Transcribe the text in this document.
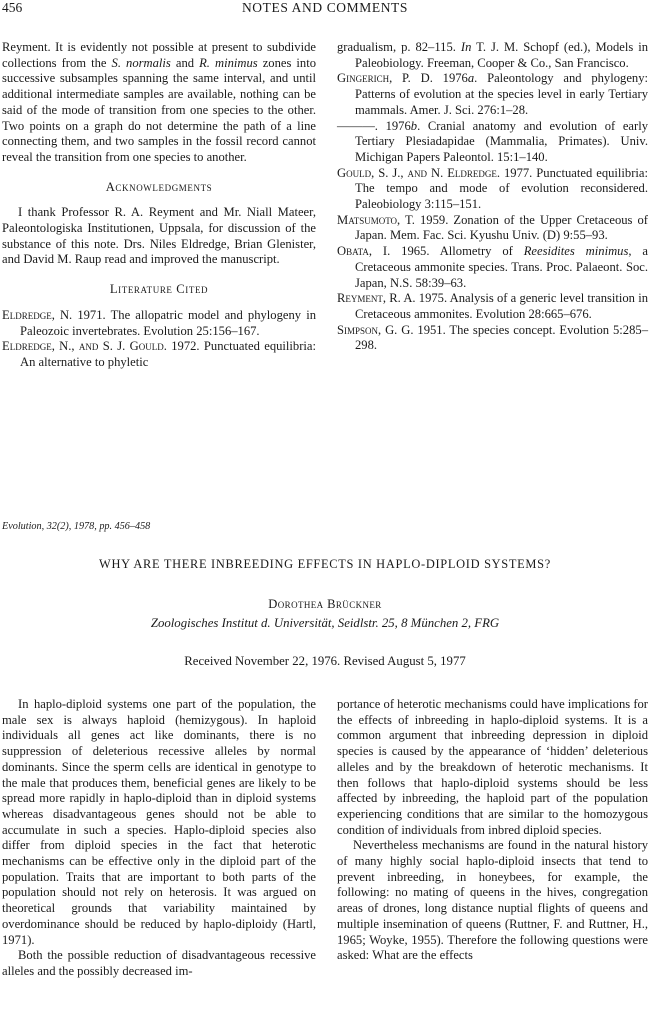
456	NOTES AND COMMENTS

Reyment. It is evidently not possible at present to subdivide collections from the S. normalis and R. minimus zones into successive subsamples spanning the same interval, and until additional intermediate samples are available, nothing can be said of the mode of transition from one species to the other. Two points on a graph do not determine the path of a line connecting them, and two samples in the fossil record cannot reveal the transition from one species to another.

Acknowledgments

I thank Professor R. A. Reyment and Mr. Niall Mateer, Paleontologiska Institutionen, Uppsala, for discussion of the substance of this note. Drs. Niles Eldredge, Brian Glenister, and David M. Raup read and improved the manuscript.

Literature Cited

Eldredge, N. 1971. The allopatric model and phylogeny in Paleozoic invertebrates. Evolution 25:156–167.

Eldredge, N., and S. J. Gould. 1972. Punctuated equilibria: An alternative to phyletic

gradualism, p. 82–115. In T. J. M. Schopf (ed.), Models in Paleobiology. Freeman, Cooper & Co., San Francisco.

Gingerich, P. D. 1976a. Paleontology and phylogeny: Patterns of evolution at the species level in early Tertiary mammals. Amer. J. Sci. 276:1–28.

———. 1976b. Cranial anatomy and evolution of early Tertiary Plesiadapidae (Mammalia, Primates). Univ. Michigan Papers Paleontol. 15:1–140.

Gould, S. J., and N. Eldredge. 1977. Punctuated equilibria: The tempo and mode of evolution reconsidered. Paleobiology 3:115–151.

Matsumoto, T. 1959. Zonation of the Upper Cretaceous of Japan. Mem. Fac. Sci. Kyushu Univ. (D) 9:55–93.

Obata, I. 1965. Allometry of Reesidites minimus, a Cretaceous ammonite species. Trans. Proc. Palaeont. Soc. Japan, N.S. 58:39–63.

Reyment, R. A. 1975. Analysis of a generic level transition in Cretaceous ammonites. Evolution 28:665–676.

Simpson, G. G. 1951. The species concept. Evolution 5:285–298.

Evolution, 32(2), 1978, pp. 456–458
WHY ARE THERE INBREEDING EFFECTS IN HAPLO-DIPLOID SYSTEMS?
Dorothea Brückner
Zoologisches Institut d. Universität, Seidlstr. 25, 8 München 2, FRG
Received November 22, 1976. Revised August 5, 1977

In haplo-diploid systems one part of the population, the male sex is always haploid (hemizygous). In haploid individuals all genes act like dominants, there is no suppression of deleterious recessive alleles by normal dominants. Since the sperm cells are identical in genotype to the male that produces them, beneficial genes are likely to be spread more rapidly in haplo-diploid than in diploid systems whereas disadvantageous genes should not be able to accumulate in such a species. Haplo-diploid species also differ from diploid species in the fact that heterotic mechanisms can be effective only in the diploid part of the population. Traits that are important to both parts of the population should not rely on heterosis. It was argued on theoretical grounds that variability maintained by overdominance should be reduced by haplo-diploidy (Hartl, 1971).

Both the possible reduction of disadvantageous recessive alleles and the possibly decreased im-

portance of heterotic mechanisms could have implications for the effects of inbreeding in haplo-diploid systems. It is a common argument that inbreeding depression in diploid species is caused by the appearance of ‘hidden’ deleterious alleles and by the breakdown of heterotic mechanisms. It then follows that haplo-diploid systems should be less affected by inbreeding, the haploid part of the population experiencing conditions that are similar to the homozygous condition of individuals from inbred diploid species.

Nevertheless mechanisms are found in the natural history of many highly social haplo-diploid insects that tend to prevent inbreeding, in honeybees, for example, the following: no mating of queens in the hives, congregation areas of drones, long distance nuptial flights of queens and multiple insemination of queens (Ruttner, F. and Ruttner, H., 1965; Woyke, 1955). Therefore the following questions were asked: What are the effects
